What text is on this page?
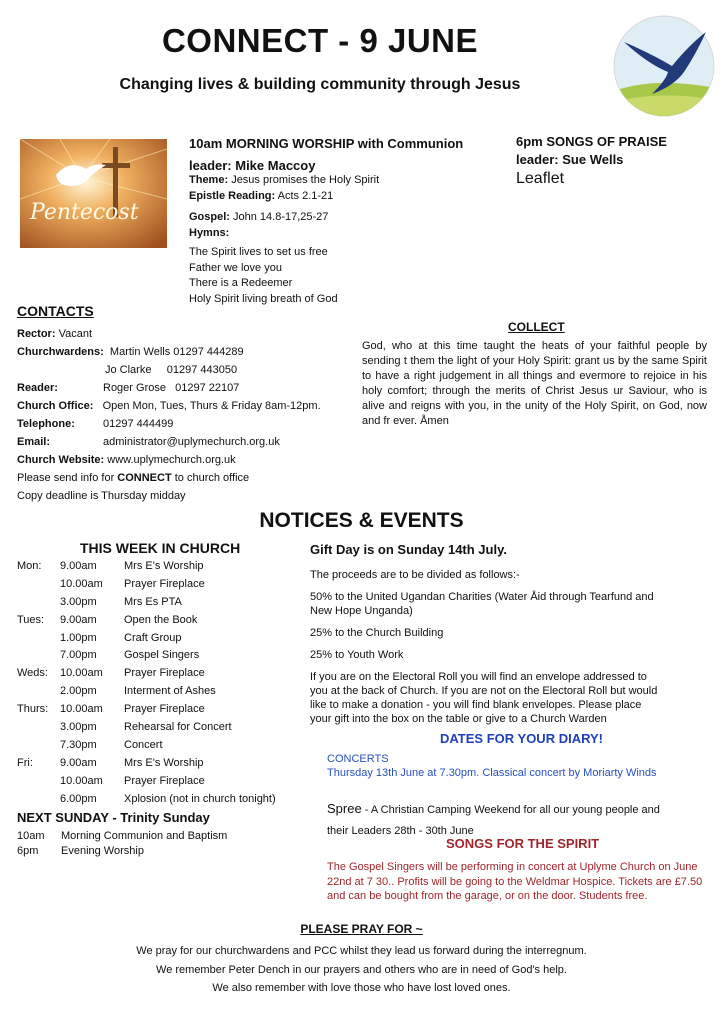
CONNECT - 9 JUNE
Changing lives & building community through Jesus
Pentecost
10am MORNING WORSHIP with Communion
leader: Mike Maccoy
Theme: Jesus promises the Holy Spirit
Epistle Reading: Acts 2.1-21
Gospel: John 14.8-17,25-27
Hymns:
The Spirit lives to set us free
Father we love you
There is a Redeemer
Holy Spirit living breath of God
6pm SONGS OF PRAISE
leader: Sue Wells
Leaflet
CONTACTS
Rector:
Vacant
Churchwardens:
Martin Wells 01297 444289
Jo Clarke     01297 443050
Reader:	Roger Grose   01297 22107
Church Office:
Open Mon, Tues, Thurs & Friday 8am-12pm.
Telephone:	01297 444499
Email:	administrator@uplymechurch.org.uk
Church Website:
www.uplymechurch.org.uk
Please send info for CONNECT to church office
Copy deadline is Thursday midday
COLLECT
God, who at this time taught the heats of your faithful people by sending t them the light of your Holy Spirit: grant us by the same Spirit to have a right judgement in all things and evermore to rejoice in his holy comfort; through the merits of Christ Jesus ur Saviour, who is alive and reigns with you, in the unity of the Holy Spirit, on God, now and fr ever. Åmen
NOTICES & EVENTS
THIS WEEK IN CHURCH
Mon: 9.00am Mrs E's Worship
10.00am Prayer Fireplace
3.00pm Mrs Es PTA
Tues: 9.00am Open the Book
1.00pm Craft Group
7.00pm Gospel Singers
Weds: 10.00am Prayer Fireplace
2.00pm Interment of Ashes
Thurs: 10.00am Prayer Fireplace
3.00pm Rehearsal for Concert
7.30pm Concert
Fri: 9.00am Mrs E's Worship
10.00am Prayer Fireplace
6.00pm Xplosion (not in church tonight)
NEXT SUNDAY - Trinity Sunday
10am Morning Communion and Baptism
6pm Evening Worship
Gift Day is on Sunday 14th July.
The proceeds are to be divided as follows:-
50% to the United Ugandan Charities (Water Åid through Tearfund and New Hope Unganda)
25% to the Church Building
25% to Youth Work
If you are on the Electoral Roll you will find an envelope addressed to you at the back of Church. If you are not on the Electoral Roll but would like to make a donation - you will find blank envelopes. Please place your gift into the box on the table or give to a Church Warden
DATES FOR YOUR DIARY!
CONCERTS
Thursday 13th June at 7.30pm. Classical concert by Moriarty Winds
Spree - A Christian Camping Weekend for all our young people and
their Leaders 28th - 30th June
SONGS FOR THE SPIRIT
The Gospel Singers will be performing in concert at Uplyme Church on June 22nd at 7 30.. Profits will be going to the Weldmar Hospice. Tickets are £7.50 and can be bought from the garage, or on the door. Students free.
PLEASE PRAY FOR ~
We pray for our churchwardens and PCC whilst they lead us forward during the interregnum.
We remember Peter Dench in our prayers and others who are in need of God's help.
We also remember with love those who have lost loved ones.
